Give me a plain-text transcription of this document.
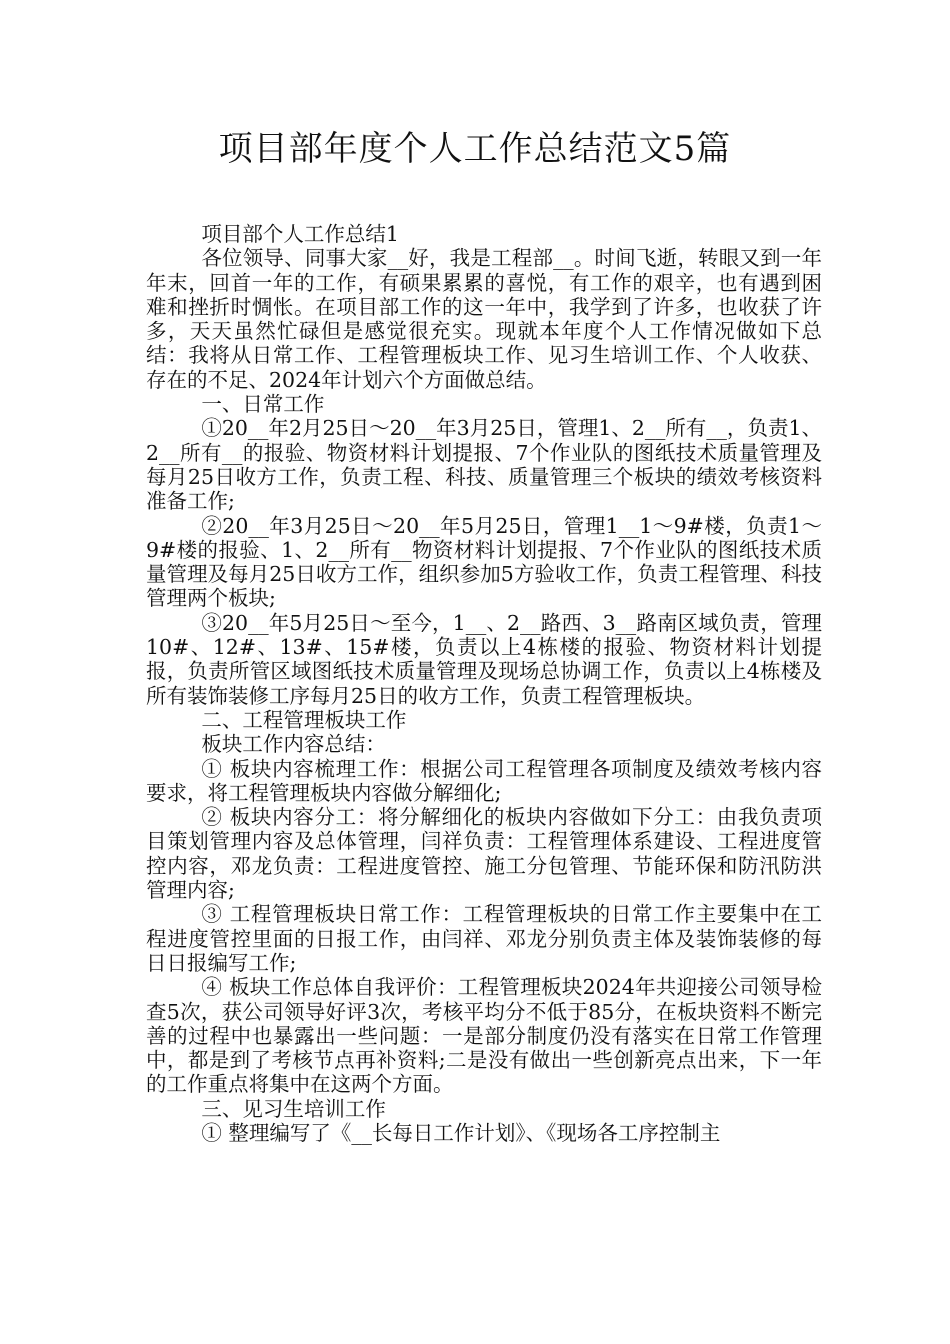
项目部年度个人工作总结范文5篇

项目部个人工作总结1

各位领导、同事大家__好，我是工程部__。时间飞逝，转眼又到一年年末，回首一年的工作，有硕果累累的喜悦，有工作的艰辛，也有遇到困难和挫折时惆怅。在项目部工作的这一年中，我学到了许多，也收获了许多，天天虽然忙碌但是感觉很充实。现就本年度个人工作情况做如下总结：我将从日常工作、工程管理板块工作、见习生培训工作、个人收获、存在的不足、2024年计划六个方面做总结。

一、日常工作

①20__年2月25日～20__年3月25日，管理1、2__所有__，负责1、2__所有__的报验、物资材料计划提报、7个作业队的图纸技术质量管理及每月25日收方工作，负责工程、科技、质量管理三个板块的绩效考核资料准备工作;

②20__年3月25日～20__年5月25日，管理1__1～9#楼，负责1～9#楼的报验、1、2__所有__物资材料计划提报、7个作业队的图纸技术质量管理及每月25日收方工作，组织参加5方验收工作，负责工程管理、科技管理两个板块;

③20__年5月25日～至今，1__、2__路西、3__路南区域负责，管理10#、12#、13#、15#楼，负责以上4栋楼的报验、物资材料计划提报，负责所管区域图纸技术质量管理及现场总协调工作，负责以上4栋楼及所有装饰装修工序每月25日的收方工作，负责工程管理板块。

二、工程管理板块工作

板块工作内容总结：

① 板块内容梳理工作：根据公司工程管理各项制度及绩效考核内容要求，将工程管理板块内容做分解细化;

② 板块内容分工：将分解细化的板块内容做如下分工：由我负责项目策划管理内容及总体管理，闫祥负责：工程管理体系建设、工程进度管控内容，邓龙负责：工程进度管控、施工分包管理、节能环保和防汛防洪管理内容;

③ 工程管理板块日常工作：工程管理板块的日常工作主要集中在工程进度管控里面的日报工作，由闫祥、邓龙分别负责主体及装饰装修的每日日报编写工作;

④ 板块工作总体自我评价：工程管理板块2024年共迎接公司领导检查5次，获公司领导好评3次，考核平均分不低于85分，在板块资料不断完善的过程中也暴露出一些问题：一是部分制度仍没有落实在日常工作管理中，都是到了考核节点再补资料;二是没有做出一些创新亮点出来，下一年的工作重点将集中在这两个方面。

三、见习生培训工作

① 整理编写了《__长每日工作计划》、《现场各工序控制主
